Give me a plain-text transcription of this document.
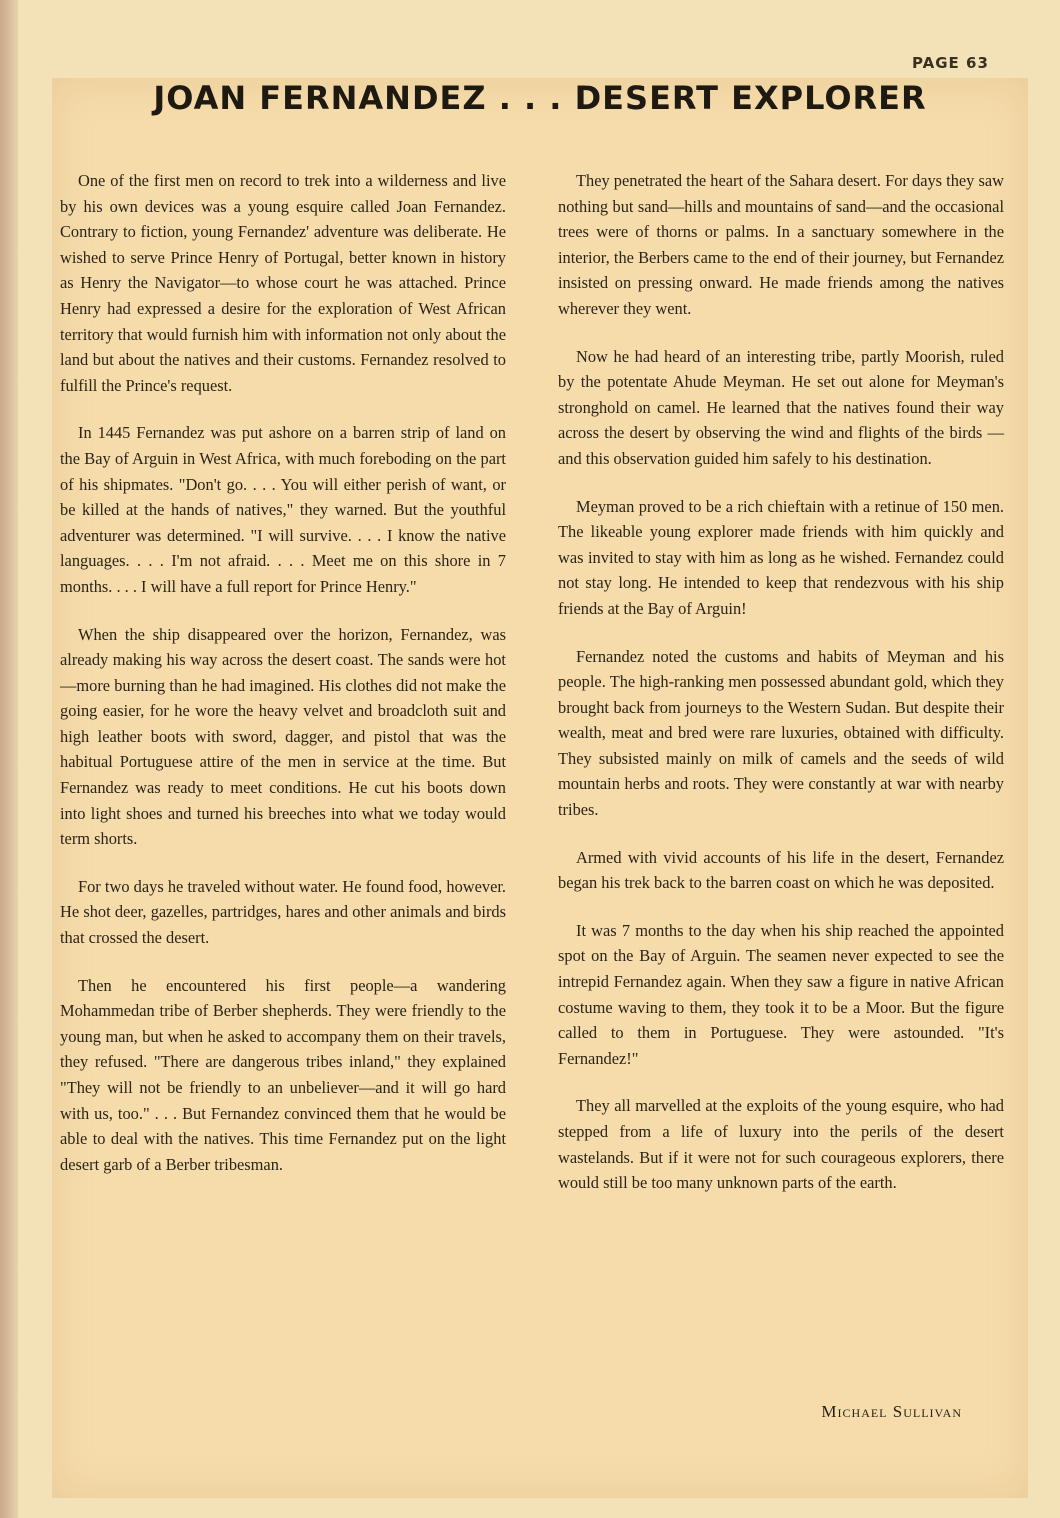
PAGE 63
JOAN FERNANDEZ . . . DESERT EXPLORER

One of the first men on record to trek into a wilderness and live by his own devices was a young esquire called Joan Fernandez. Contrary to fiction, young Fernandez' adventure was deliberate. He wished to serve Prince Henry of Portugal, better known in history as Henry the Navigator—to whose court he was attached. Prince Henry had expressed a desire for the exploration of West African territory that would furnish him with information not only about the land but about the natives and their customs. Fernandez resolved to fulfill the Prince's request.

In 1445 Fernandez was put ashore on a barren strip of land on the Bay of Arguin in West Africa, with much foreboding on the part of his shipmates. "Don't go. . . . You will either perish of want, or be killed at the hands of natives," they warned. But the youthful adventurer was determined. "I will survive. . . . I know the native languages. . . . I'm not afraid. . . . Meet me on this shore in 7 months. . . . I will have a full report for Prince Henry."

When the ship disappeared over the horizon, Fernandez, was already making his way across the desert coast. The sands were hot—more burning than he had imagined. His clothes did not make the going easier, for he wore the heavy velvet and broadcloth suit and high leather boots with sword, dagger, and pistol that was the habitual Portuguese attire of the men in service at the time. But Fernandez was ready to meet conditions. He cut his boots down into light shoes and turned his breeches into what we today would term shorts.

For two days he traveled without water. He found food, however. He shot deer, gazelles, partridges, hares and other animals and birds that crossed the desert.

Then he encountered his first people—a wandering Mohammedan tribe of Berber shepherds. They were friendly to the young man, but when he asked to accompany them on their travels, they refused. "There are dangerous tribes inland," they explained "They will not be friendly to an unbeliever—and it will go hard with us, too." . . . But Fernandez convinced them that he would be able to deal with the natives. This time Fernandez put on the light desert garb of a Berber tribesman.

They penetrated the heart of the Sahara desert. For days they saw nothing but sand—hills and mountains of sand—and the occasional trees were of thorns or palms. In a sanctuary somewhere in the interior, the Berbers came to the end of their journey, but Fernandez insisted on pressing onward. He made friends among the natives wherever they went.

Now he had heard of an interesting tribe, partly Moorish, ruled by the potentate Ahude Meyman. He set out alone for Meyman's stronghold on camel. He learned that the natives found their way across the desert by observing the wind and flights of the birds —and this observation guided him safely to his destination.

Meyman proved to be a rich chieftain with a retinue of 150 men. The likeable young explorer made friends with him quickly and was invited to stay with him as long as he wished. Fernandez could not stay long. He intended to keep that rendezvous with his ship friends at the Bay of Arguin!

Fernandez noted the customs and habits of Meyman and his people. The high-ranking men possessed abundant gold, which they brought back from journeys to the Western Sudan. But despite their wealth, meat and bred were rare luxuries, obtained with difficulty. They subsisted mainly on milk of camels and the seeds of wild mountain herbs and roots. They were constantly at war with nearby tribes.

Armed with vivid accounts of his life in the desert, Fernandez began his trek back to the barren coast on which he was deposited.

It was 7 months to the day when his ship reached the appointed spot on the Bay of Arguin. The seamen never expected to see the intrepid Fernandez again. When they saw a figure in native African costume waving to them, they took it to be a Moor. But the figure called to them in Portuguese. They were astounded. "It's Fernandez!"

They all marvelled at the exploits of the young esquire, who had stepped from a life of luxury into the perils of the desert wastelands. But if it were not for such courageous explorers, there would still be too many unknown parts of the earth.

Michael Sullivan
